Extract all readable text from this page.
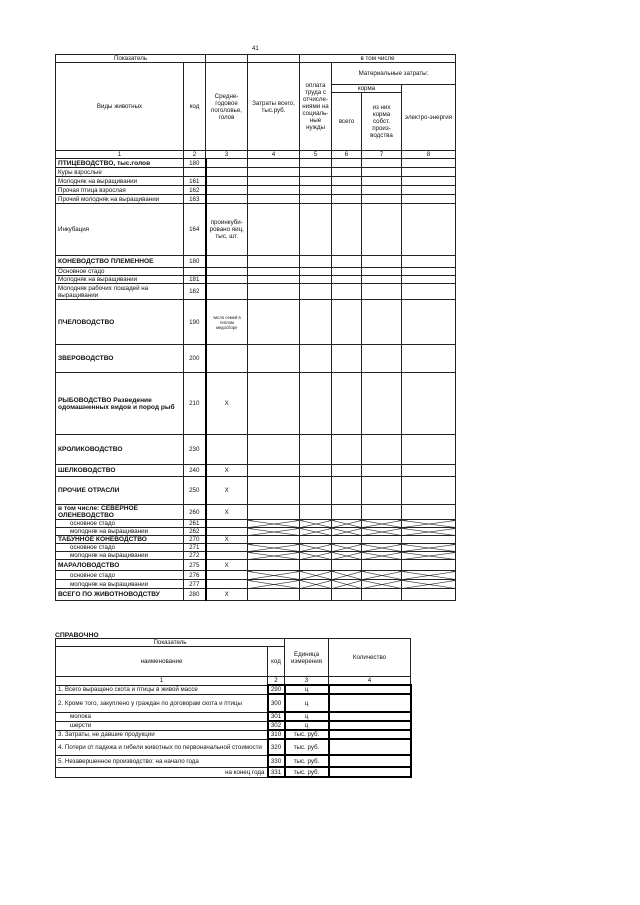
41
Показатель				в том числе			
Виды животных	код	Средне-годовое поголовье, голов	Затраты всего, тыс.руб.	оплата труда с отчисле-ниями на социаль-ные нужды	Материальные затраты:		
					корма		электро-энергия
					всего	из них корма собст. произ-водства	
1	2	3	4	5	6	7	8
ПТИЦЕВОДСТВО, тыс.голов	180						
Куры взрослые							
Молодняк на выращивании	161						
Прочая птица взрослая	162						
Прочий молодняк на выращивании	163						
Инкубация	164	проинкуби-ровано яиц, тыс. шт.					
КОНЕВОДСТВО ПЛЕМЕННОЕ	180						
Основное стадо							
Молодняк на выращивании	181						
Молодняк рабочих лошадей на выращивании	182						
ПЧЕЛОВОДСТВО	190	число семей в теплом медосборе					
ЗВЕРОВОДСТВО	200						
РЫБОВОДСТВО Разведение одомашненных видов и пород рыб	210	X					
КРОЛИКОВОДСТВО	230						
ШЕЛКОВОДСТВО	240	X					
ПРОЧИЕ ОТРАСЛИ	250	X					
в том числе: СЕВЕРНОЕ ОЛЕНЕВОДСТВО	260	X					
основное стадо	261						
молодняк на выращивании	262						
ТАБУННОЕ КОНЕВОДСТВО	270	X					
основное стадо	271						
молодняк на выращивании	272						
МАРАЛОВОДСТВО	275	X					
основное стадо	276						
молодняк на выращивании	277						
ВСЕГО ПО ЖИВОТНОВОДСТВУ	280	X					
СПРАВОЧНО
Показатель		Единица измерения	Количество
наименование	код		
1	2	3	4
1. Всего выращено скота и птицы в живой массе	290	ц	
2. Кроме того, закуплено у граждан по договорам скота и птицы	300	ц	
молока	301	ц	
шерсти	302	ц	
3. Затраты, не давшие продукции	310	тыс. руб.	
4. Потери от падежа и гибели животных по первоначальной стоимости	320	тыс. руб.	
5. Незавершенное производство: на начало года	330	тыс. руб.	
на конец года	331	тыс. руб.	
